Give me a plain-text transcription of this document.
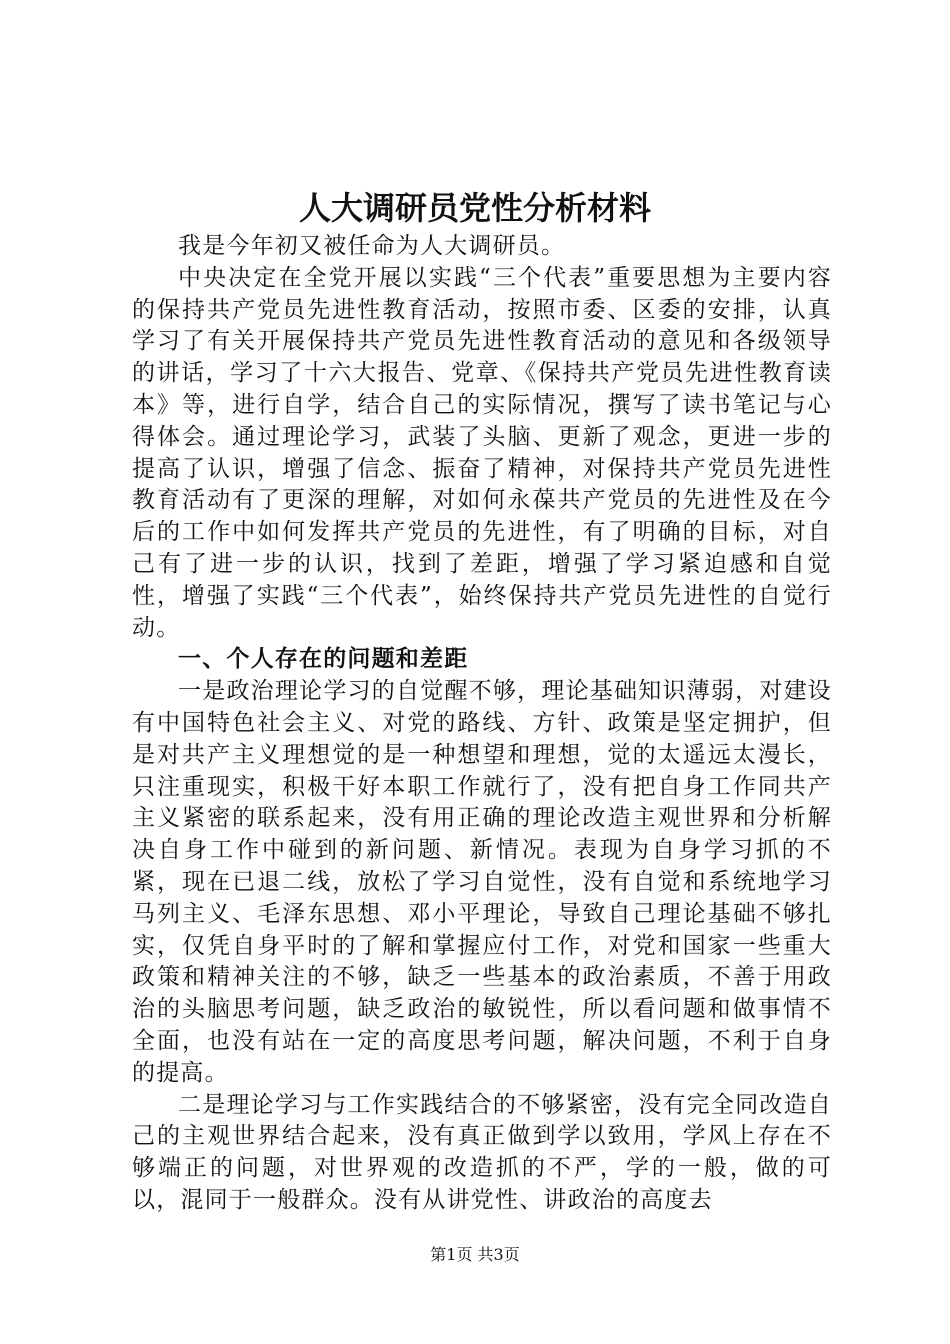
人大调研员党性分析材料

我是今年初又被任命为人大调研员。

中央决定在全党开展以实践“三个代表”重要思想为主要内容的保持共产党员先进性教育活动，按照市委、区委的安排，认真学习了有关开展保持共产党员先进性教育活动的意见和各级领导的讲话，学习了十六大报告、党章、《保持共产党员先进性教育读本》等，进行自学，结合自己的实际情况，撰写了读书笔记与心得体会。通过理论学习，武装了头脑、更新了观念，更进一步的提高了认识，增强了信念、振奋了精神，对保持共产党员先进性教育活动有了更深的理解，对如何永葆共产党员的先进性及在今后的工作中如何发挥共产党员的先进性，有了明确的目标，对自己有了进一步的认识，找到了差距，增强了学习紧迫感和自觉性，增强了实践“三个代表”，始终保持共产党员先进性的自觉行动。

一、个人存在的问题和差距

一是政治理论学习的自觉醒不够，理论基础知识薄弱，对建设有中国特色社会主义、对党的路线、方针、政策是坚定拥护，但是对共产主义理想觉的是一种想望和理想，觉的太遥远太漫长，只注重现实，积极干好本职工作就行了，没有把自身工作同共产主义紧密的联系起来，没有用正确的理论改造主观世界和分析解决自身工作中碰到的新问题、新情况。表现为自身学习抓的不紧，现在已退二线，放松了学习自觉性，没有自觉和系统地学习马列主义、毛泽东思想、邓小平理论，导致自己理论基础不够扎实，仅凭自身平时的了解和掌握应付工作，对党和国家一些重大政策和精神关注的不够，缺乏一些基本的政治素质，不善于用政治的头脑思考问题，缺乏政治的敏锐性，所以看问题和做事情不全面，也没有站在一定的高度思考问题，解决问题，不利于自身的提高。

二是理论学习与工作实践结合的不够紧密，没有完全同改造自己的主观世界结合起来，没有真正做到学以致用，学风上存在不够端正的问题，对世界观的改造抓的不严，学的一般，做的可以，混同于一般群众。没有从讲党性、讲政治的高度去

第1页 共3页
